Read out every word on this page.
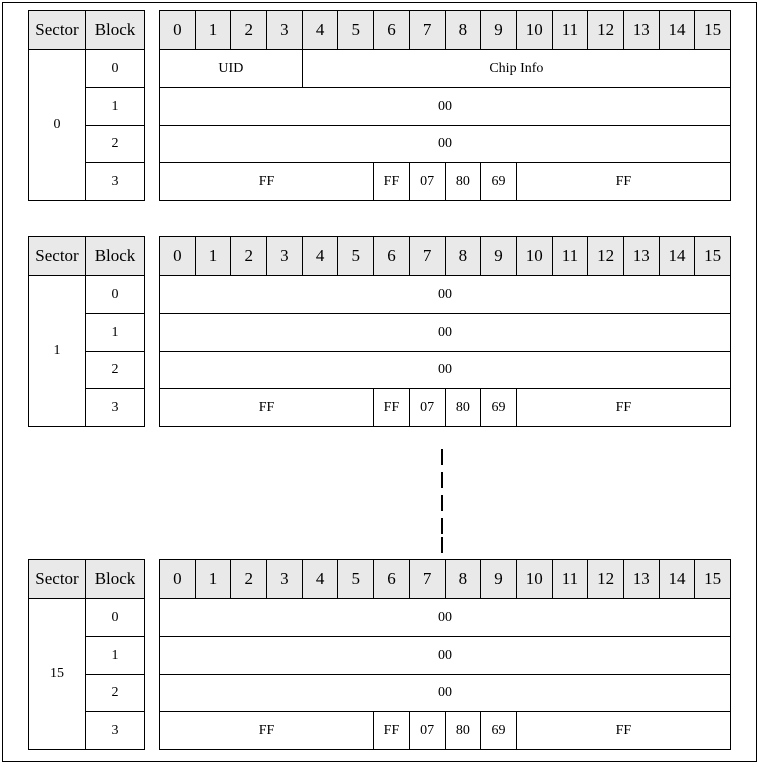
Sector	Block
0	0
	1
	2
	3
0	1	2	3	4	5	6	7	8	9	10	11	12	13	14	15
UID				Chip Info											
00															
00															
FF						FF	07	80	69	FF					
Sector	Block
1	0
	1
	2
	3
0	1	2	3	4	5	6	7	8	9	10	11	12	13	14	15
00															
00															
00															
FF						FF	07	80	69	FF					
Sector	Block
15	0
	1
	2
	3
0	1	2	3	4	5	6	7	8	9	10	11	12	13	14	15
00															
00															
00															
FF						FF	07	80	69	FF					
